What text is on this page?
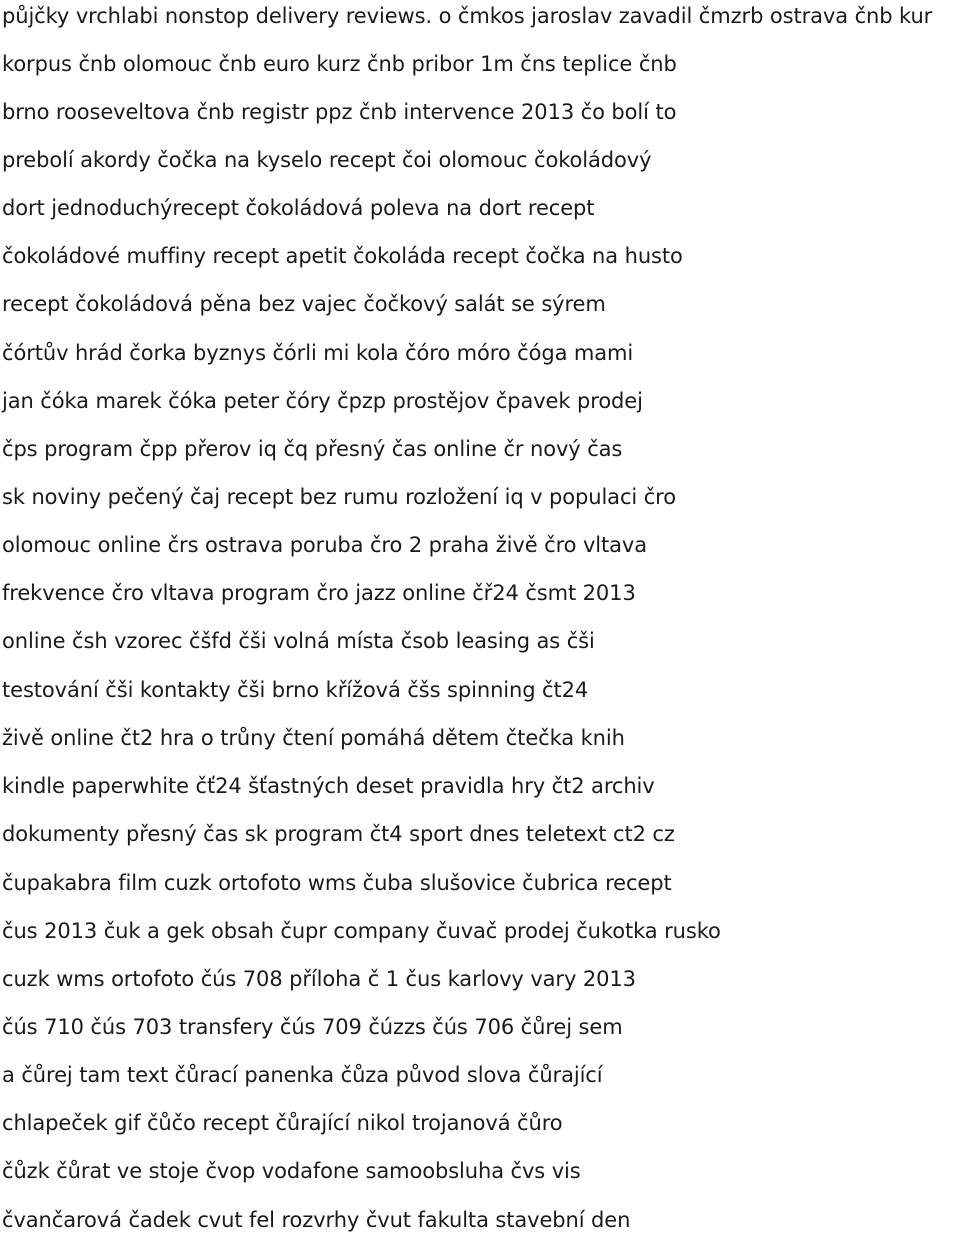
půjčky vrchlabi nonstop delivery reviews. o čmkos jaroslav zavadil čmzrb ostrava čnb kur
korpus čnb olomouc čnb euro kurz čnb pribor 1m čns teplice čnb
brno rooseveltova čnb registr ppz čnb intervence 2013 čo bolí to
prebolí akordy čočka na kyselo recept čoi olomouc čokoládový
dort jednoduchýrecept čokoládová poleva na dort recept
čokoládové muffiny recept apetit čokoláda recept čočka na husto
recept čokoládová pěna bez vajec čočkový salát se sýrem
čórtův hrád čorka byznys čórli mi kola čóro móro čóga mami
jan čóka marek čóka peter čóry čpzp prostějov čpavek prodej
čps program čpp přerov iq čq přesný čas online čr nový čas
sk noviny pečený čaj recept bez rumu rozložení iq v populaci čro
olomouc online črs ostrava poruba čro 2 praha živě čro vltava
frekvence čro vltava program čro jazz online čř24 čsmt 2013
online čsh vzorec čšfd čši volná místa čsob leasing as čši
testování čši kontakty čši brno křížová čšs spinning čt24
živě online čt2 hra o trůny čtení pomáhá dětem čtečka knih
kindle paperwhite čť24 šťastných deset pravidla hry čt2 archiv
dokumenty přesný čas sk program čt4 sport dnes teletext ct2 cz
čupakabra film cuzk ortofoto wms čuba slušovice čubrica recept
čus 2013 čuk a gek obsah čupr company čuvač prodej čukotka rusko
cuzk wms ortofoto čús 708 příloha č 1 čus karlovy vary 2013
čús 710 čús 703 transfery čús 709 čúzzs čús 706 čůrej sem
a čůrej tam text čůrací panenka čůza původ slova čůrající
chlapeček gif čůčo recept čůrající nikol trojanová čůro
čůzk čůrat ve stoje čvop vodafone samoobsluha čvs vis
čvančarová čadek cvut fel rozvrhy čvut fakulta stavební den
